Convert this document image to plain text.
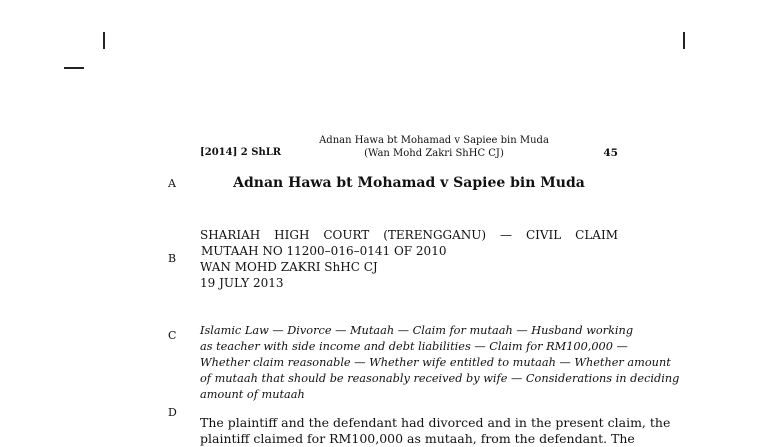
[2014] 2 ShLR
Adnan Hawa bt Mohamad v Sapiee bin Muda
(Wan Mohd Zakri ShHC CJ)	45
A
B
C
D
Adnan Hawa bt Mohamad v Sapiee bin Muda
SHARIAH HIGH COURT (TERENGGANU) — CIVIL CLAIM
MUTAAH NO 11200–016–0141 OF 2010
WAN MOHD ZAKRI ShHC CJ
19 JULY 2013
Islamic Law — Divorce — Mutaah — Claim for mutaah — Husband working
as teacher with side income and debt liabilities — Claim for RM100,000 —
Whether claim reasonable — Whether wife entitled to mutaah — Whether amount
of mutaah that should be reasonably received by wife — Considerations in deciding
amount of mutaah
The plaintiff and the defendant had divorced and in the present claim, the
plaintiff claimed for RM100,000 as mutaah, from the defendant. The
